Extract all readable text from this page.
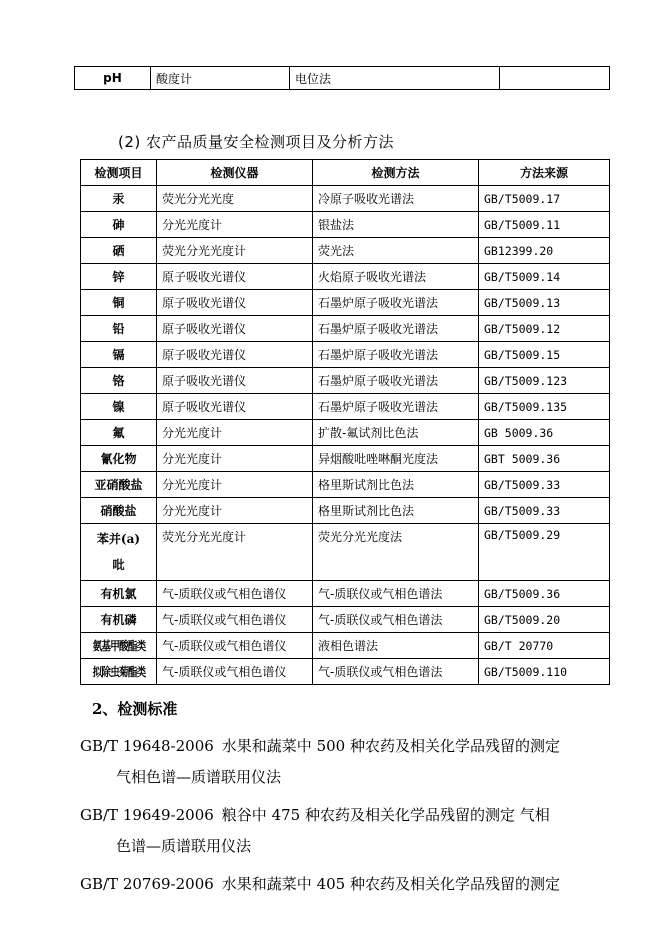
pH	酸度计	电位法	
(2) 农产品质量安全检测项目及分析方法
检测项目	检测仪器	检测方法	方法来源
汞	荧光分光光度	冷原子吸收光谱法	GB/T5009.17
砷	分光光度计	银盐法	GB/T5009.11
硒	荧光分光光度计	荧光法	GB12399.20
锌	原子吸收光谱仪	火焰原子吸收光谱法	GB/T5009.14
铜	原子吸收光谱仪	石墨炉原子吸收光谱法	GB/T5009.13
铅	原子吸收光谱仪	石墨炉原子吸收光谱法	GB/T5009.12
镉	原子吸收光谱仪	石墨炉原子吸收光谱法	GB/T5009.15
铬	原子吸收光谱仪	石墨炉原子吸收光谱法	GB/T5009.123
镍	原子吸收光谱仪	石墨炉原子吸收光谱法	GB/T5009.135
氟	分光光度计	扩散-氟试剂比色法	GB 5009.36
氰化物	分光光度计	异烟酸吡唑啉酮光度法	GBT 5009.36
亚硝酸盐	分光光度计	格里斯试剂比色法	GB/T5009.33
硝酸盐	分光光度计	格里斯试剂比色法	GB/T5009.33
苯并(a)
吡	荧光分光光度计	荧光分光光度法	GB/T5009.29
有机氯	气-质联仪或气相色谱仪	气-质联仪或气相色谱法	GB/T5009.36
有机磷	气-质联仪或气相色谱仪	气-质联仪或气相色谱法	GB/T5009.20
氨基甲酸酯类	气-质联仪或气相色谱仪	液相色谱法	GB/T 20770
拟除虫菊酯类	气-质联仪或气相色谱仪	气-质联仪或气相色谱法	GB/T5009.110
2、检测标准
GB/T 19648-2006 水果和蔬菜中 500 种农药及相关化学品残留的测定
气相色谱—质谱联用仪法
GB/T 19649-2006 粮谷中 475 种农药及相关化学品残留的测定 气相
色谱—质谱联用仪法
GB/T 20769-2006 水果和蔬菜中 405 种农药及相关化学品残留的测定
